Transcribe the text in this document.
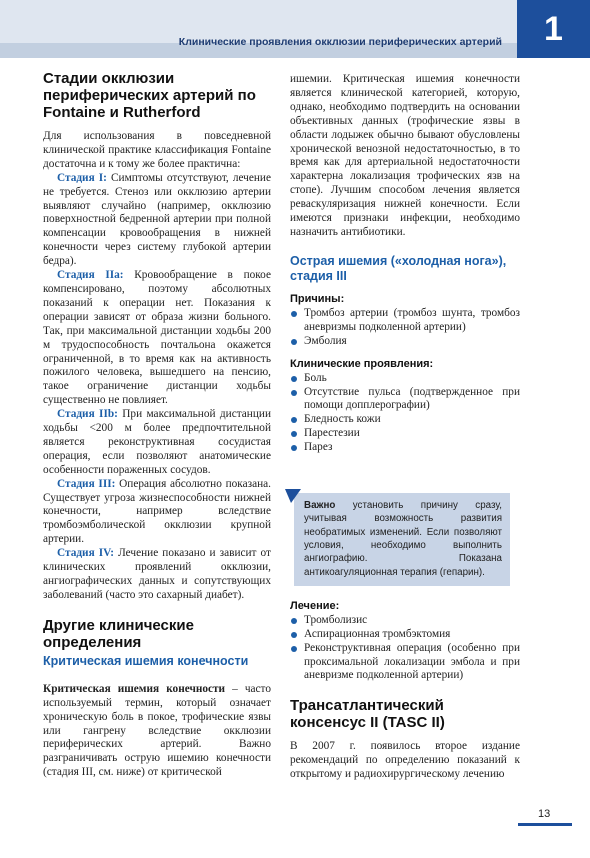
Клинические проявления окклюзии периферических артерий	1
Стадии окклюзии периферических артерий по Fontaine и Rutherford

Для использования в повседневной клинической практике классификация Fontaine достаточна и к тому же более практична:

Стадия I: Симптомы отсутствуют, лечение не требуется. Стеноз или окклюзию артерии выявляют случайно (например, окклюзию поверхностной бедренной артерии при полной компенсации кровообращения в нижней конечности через систему глубокой артерии бедра).

Стадия IIa: Кровообращение в покое компенсировано, поэтому абсолютных показаний к операции нет. Показания к операции зависят от образа жизни больного. Так, при максимальной дистанции ходьбы 200 м трудоспособность почтальона окажется ограниченной, в то время как на активность пожилого человека, вышедшего на пенсию, такое ограничение дистанции ходьбы существенно не повлияет.

Стадия IIb: При максимальной дистанции ходьбы <200 м более предпочтительной является реконструктивная сосудистая операция, если позволяют анатомические особенности пораженных сосудов.

Стадия III: Операция абсолютно показана. Существует угроза жизнеспособности нижней конечности, например вследствие тромбоэмболической окклюзии крупной артерии.

Стадия IV: Лечение показано и зависит от клинических проявлений окклюзии, ангиографических данных и сопутствующих заболеваний (часто это сахарный диабет).

Другие клинические определения
Критическая ишемия конечности

Критическая ишемия конечности – часто используемый термин, который означает хроническую боль в покое, трофические язвы или гангрену вследствие окклюзии периферических артерий. Важно разграничивать острую ишемию конечности (стадия III, см. ниже) от критической

ишемии. Критическая ишемия конечности является клинической категорией, которую, однако, необходимо подтвердить на основании объективных данных (трофические язвы в области лодыжек обычно бывают обусловлены хронической венозной недостаточностью, в то время как для артериальной недостаточности характерна локализация трофических язв на стопе). Лучшим способом лечения является реваскуляризация нижней конечности. Если имеются признаки инфекции, необходимо назначить антибиотики.

Острая ишемия («холодная нога»), стадия III
Причины:
Тромбоз артерии (тромбоз шунта, тромбоз аневризмы подколенной артерии)
Эмболия
Клинические проявления:
Боль
Отсутствие пульса (подтвержденное при помощи допплерографии)
Бледность кожи
Парестезии
Парез
Важно установить причину сразу, учитывая возможность развития необратимых изменений. Если позволяют условия, необходимо выполнить ангиографию. Показана антикоагуляционная терапия (гепарин).
Лечение:
Тромболизис
Аспирационная тромбэктомия
Реконструктивная операция (особенно при проксимальной локализации эмбола и при аневризме подколенной артерии)
Трансатлантический консенсус II (TASC II)

В 2007 г. появилось второе издание рекомендаций по определению показаний к открытому и радиохирургическому лечению

13
